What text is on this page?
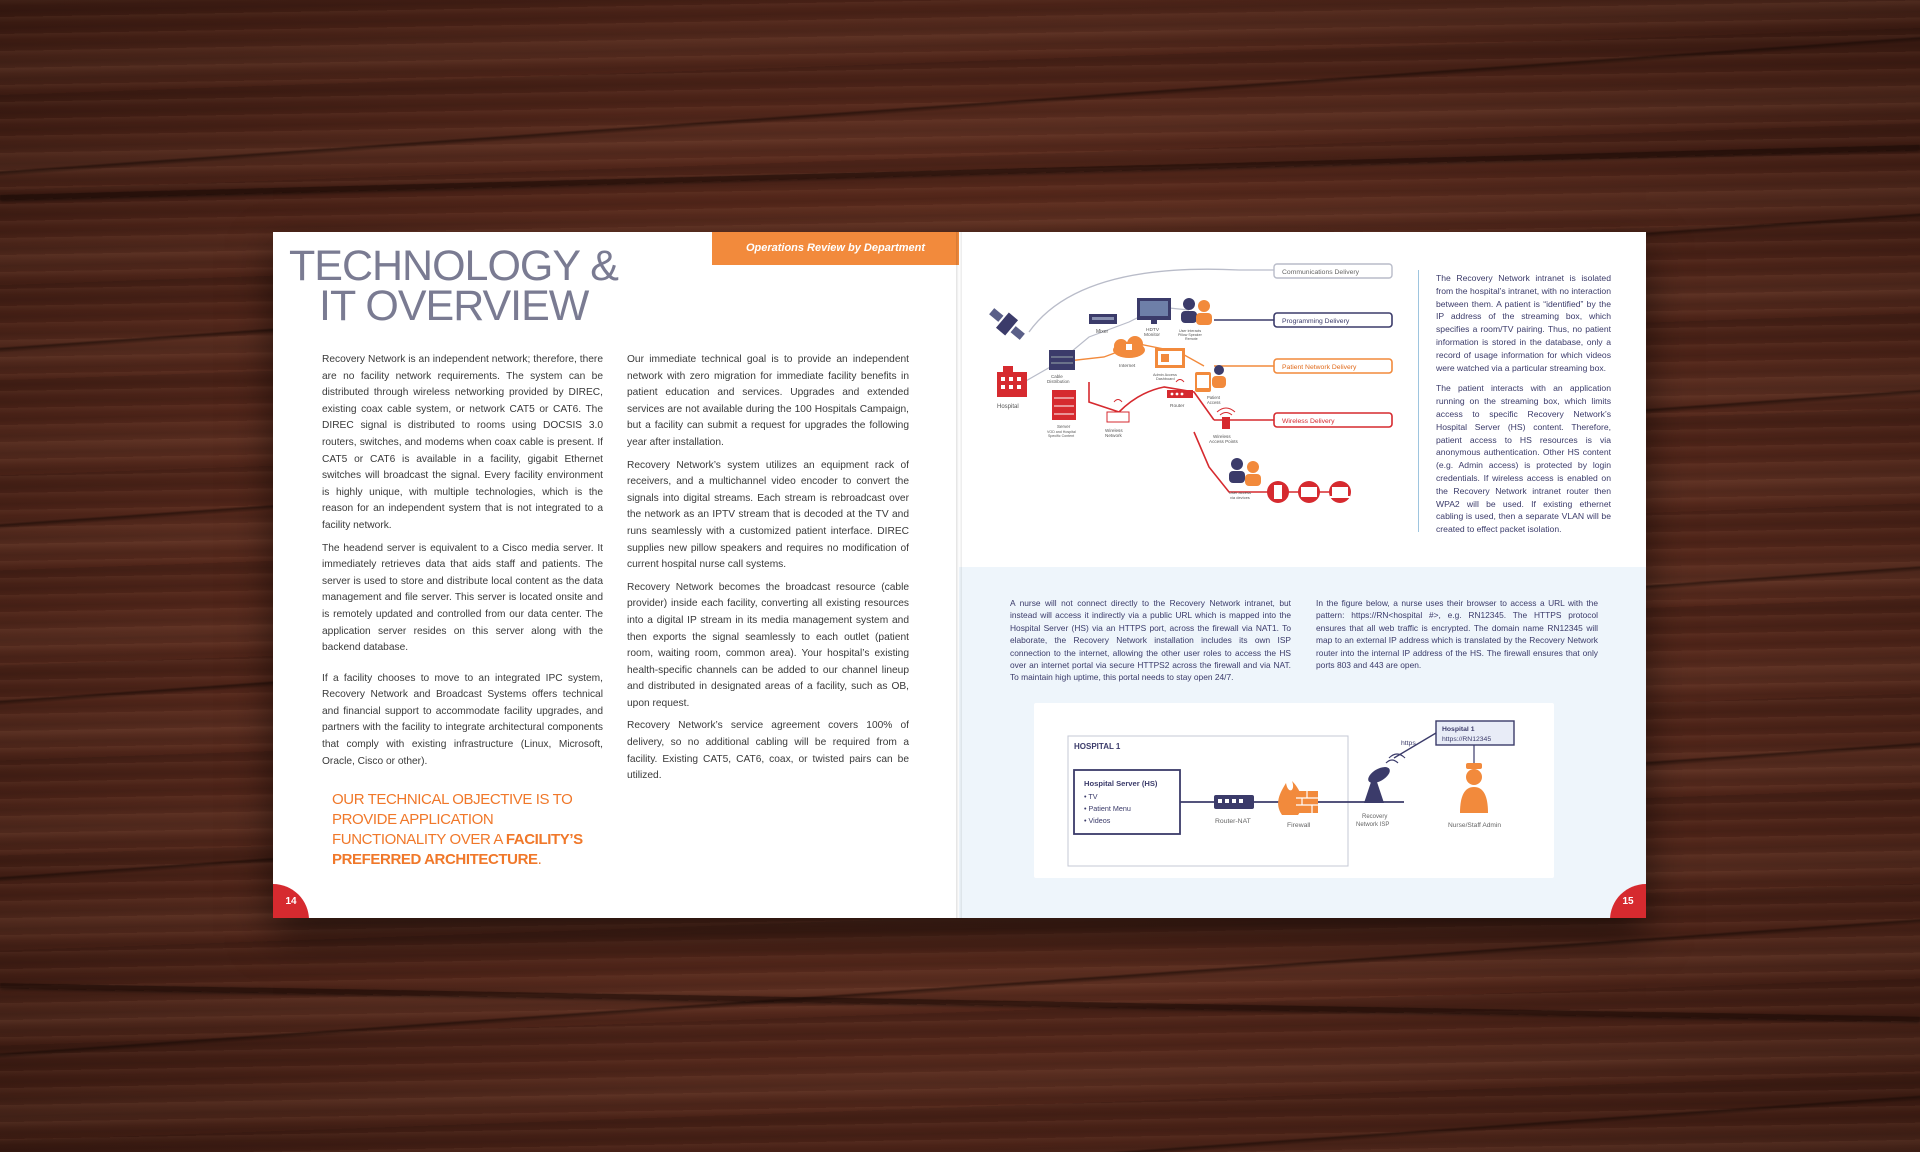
TECHNOLOGY &
IT OVERVIEW
Operations Review by Department

Recovery Network is an independent network; therefore, there are no facility network requirements. The system can be distributed through wireless networking provided by DIREC, existing coax cable system, or network CAT5 or CAT6. The DIREC signal is distributed to rooms using DOCSIS 3.0 routers, switches, and modems when coax cable is present. If CAT5 or CAT6 is available in a facility, gigabit Ethernet switches will broadcast the signal. Every facility environment is highly unique, with multiple technologies, which is the reason for an independent system that is not integrated to a facility network.

The headend server is equivalent to a Cisco media server. It immediately retrieves data that aids staff and patients. The server is used to store and distribute local content as the data management and file server. This server is located onsite and is remotely updated and controlled from our data center. The application server resides on this server along with the backend database.

If a facility chooses to move to an integrated IPC system, Recovery Network and Broadcast Systems offers technical and financial support to accommodate facility upgrades, and partners with the facility to integrate architectural components that comply with existing infrastructure (Linux, Microsoft, Oracle, Cisco or other).

Our immediate technical goal is to provide an independent network with zero migration for immediate facility benefits in patient education and services. Upgrades and extended services are not available during the 100 Hospitals Campaign, but a facility can submit a request for upgrades the following year after installation.

Recovery Network’s system utilizes an equipment rack of receivers, and a multichannel video encoder to convert the signals into digital streams. Each stream is rebroadcast over the network as an IPTV stream that is decoded at the TV and runs seamlessly with a customized patient interface. DIREC supplies new pillow speakers and requires no modification of current hospital nurse call systems.

Recovery Network becomes the broadcast resource (cable provider) inside each facility, converting all existing resources into a digital IP stream in its media management system and then exports the signal seamlessly to each outlet (patient room, waiting room, common area). Your hospital’s existing health-specific channels can be added to our channel lineup and distributed in designated areas of a facility, such as OB, upon request.

Recovery Network’s service agreement covers 100% of delivery, so no additional cabling will be required from a facility. Existing CAT5, CAT6, coax, or twisted pairs can be utilized.

OUR TECHNICAL OBJECTIVE IS TO PROVIDE APPLICATION FUNCTIONALITY OVER A FACILITY’S PREFERRED ARCHITECTURE.
14
Hospital
Cable
Distribution
Server
VOD and Hospital
Specific Content
Mixer	HDTV
Monitor
User interacts
Pillow Speaker
Remote
Internet
Admin Access
Dashboard
Patient
Access
Wireless
Network
Router
Wireless
Access Points
User access
via devices
Communications Delivery
Programming Delivery
Patient Network Delivery
Wireless Delivery

The Recovery Network intranet is isolated from the hospital’s intranet, with no interaction between them. A patient is “identified” by the IP address of the streaming box, which specifies a room/TV pairing. Thus, no patient information is stored in the database, only a record of usage information for which videos were watched via a particular streaming box.

The patient interacts with an application running on the streaming box, which limits access to specific Recovery Network’s Hospital Server (HS) content. Therefore, patient access to HS resources is via anonymous authentication. Other HS content (e.g. Admin access) is protected by login credentials. If wireless access is enabled on the Recovery Network intranet router then WPA2 will be used. If existing ethernet cabling is used, then a separate VLAN will be created to effect packet isolation.

A nurse will not connect directly to the Recovery Network intranet, but instead will access it indirectly via a public URL which is mapped into the Hospital Server (HS) via an HTTPS port, across the firewall via NAT1. To elaborate, the Recovery Network installation includes its own ISP connection to the internet, allowing the other user roles to access the HS over an internet portal via secure HTTPS2 across the firewall and via NAT. To maintain high uptime, this portal needs to stay open 24/7.
In the figure below, a nurse uses their browser to access a URL with the pattern: https://RN<hospital #>, e.g. RN12345. The HTTPS protocol ensures that all web traffic is encrypted. The domain name RN12345 will map to an external IP address which is translated by the Recovery Network router into the internal IP address of the HS. The firewall ensures that only ports 803 and 443 are open.
HOSPITAL 1
Hospital Server (HS)
• TV
• Patient Menu
• Videos	Router-NAT
Firewall
Recovery
Network ISP
https
Hospital 1
https://RN12345
Nurse/Staff Admin
15
